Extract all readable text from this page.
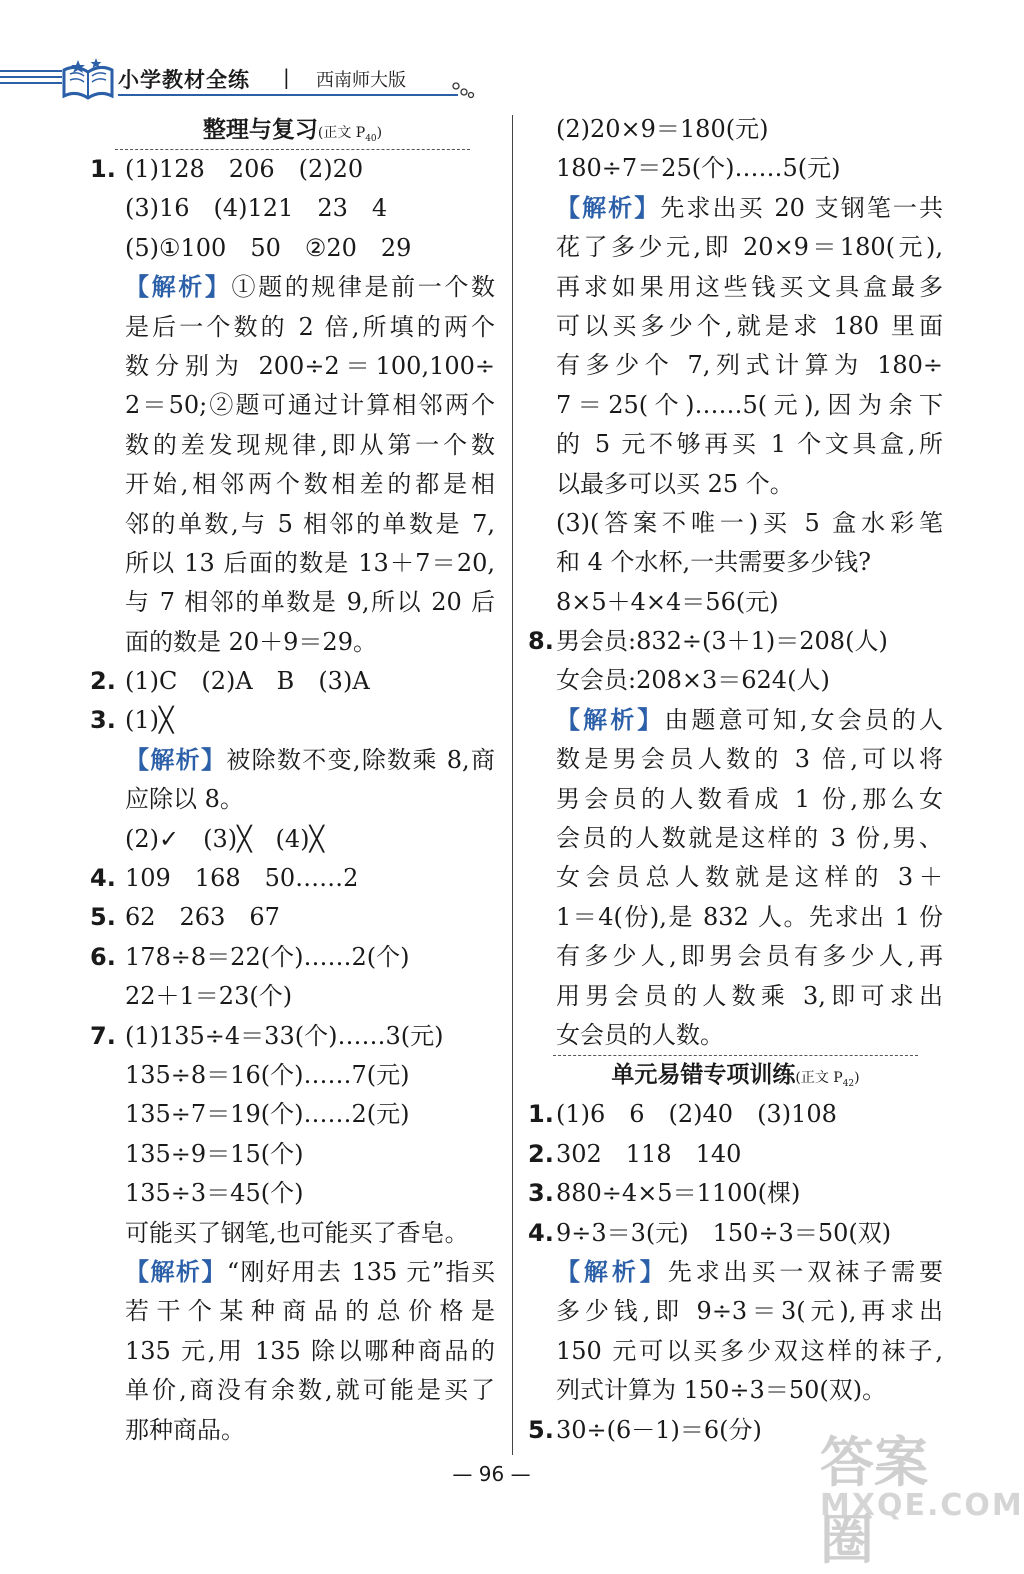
小学教材全练 | 西南师大版
整理与复习(正文 $P_{40}$)
1. (1)128　206　(2)20
(3)16　(4)121　23　4
(5)①100　50　②20　29
【解析】①题的规律是前一个数
是后一个数的 2 倍,所填的两个
数分别为 200÷2＝100,100÷
2＝50;②题可通过计算相邻两个
数的差发现规律,即从第一个数
开始,相邻两个数相差的都是相
邻的单数,与 5 相邻的单数是 7,
所以 13 后面的数是 13＋7＝20,
与 7 相邻的单数是 9,所以 20 后
面的数是 20＋9＝29。
2. (1)C　(2)A　B　(3)A
3. (1)╳
【解析】被除数不变,除数乘 8,商
应除以 8。
(2)✓　(3)╳　(4)╳
4. 109　168　50……2
5. 62　263　67
6. 178÷8＝22(个)……2(个)
22＋1＝23(个)
7. (1)135÷4＝33(个)……3(元)
135÷8＝16(个)……7(元)
135÷7＝19(个)……2(元)
135÷9＝15(个)
135÷3＝45(个)
可能买了钢笔,也可能买了香皂。
【解析】“刚好用去 135 元”指买
若干个某种商品的总价格是
135 元,用 135 除以哪种商品的
单价,商没有余数,就可能是买了
那种商品。
(2)20×9＝180(元)
180÷7＝25(个)……5(元)
【解析】先求出买 20 支钢笔一共
花了多少元,即 20×9＝180(元),
再求如果用这些钱买文具盒最多
可以买多少个,就是求 180 里面
有多少个 7,列式计算为 180÷
7＝25(个)……5(元),因为余下
的 5 元不够再买 1 个文具盒,所
以最多可以买 25 个。
(3)(答案不唯一)买 5 盒水彩笔
和 4 个水杯,一共需要多少钱?
8×5＋4×4＝56(元)
8. 男会员:832÷(3＋1)＝208(人)
女会员:208×3＝624(人)
【解析】由题意可知,女会员的人
数是男会员人数的 3 倍,可以将
男会员的人数看成 1 份,那么女
会员的人数就是这样的 3 份,男、
女会员总人数就是这样的 3＋
1＝4(份),是 832 人。先求出 1 份
有多少人,即男会员有多少人,再
用男会员的人数乘 3,即可求出
女会员的人数。
单元易错专项训练(正文 $P_{42}$)
1. (1)6　6　(2)40　(3)108
2. 302　118　140
3. 880÷4×5＝1100(棵)
4. 9÷3＝3(元)　150÷3＝50(双)
【解析】先求出买一双袜子需要
多少钱,即 9÷3＝3(元),再求出
150 元可以买多少双这样的袜子,
列式计算为 150÷3＝50(双)。
5. 30÷(6－1)＝6(分)
— 96 —	答案圈
MXQE.COM
